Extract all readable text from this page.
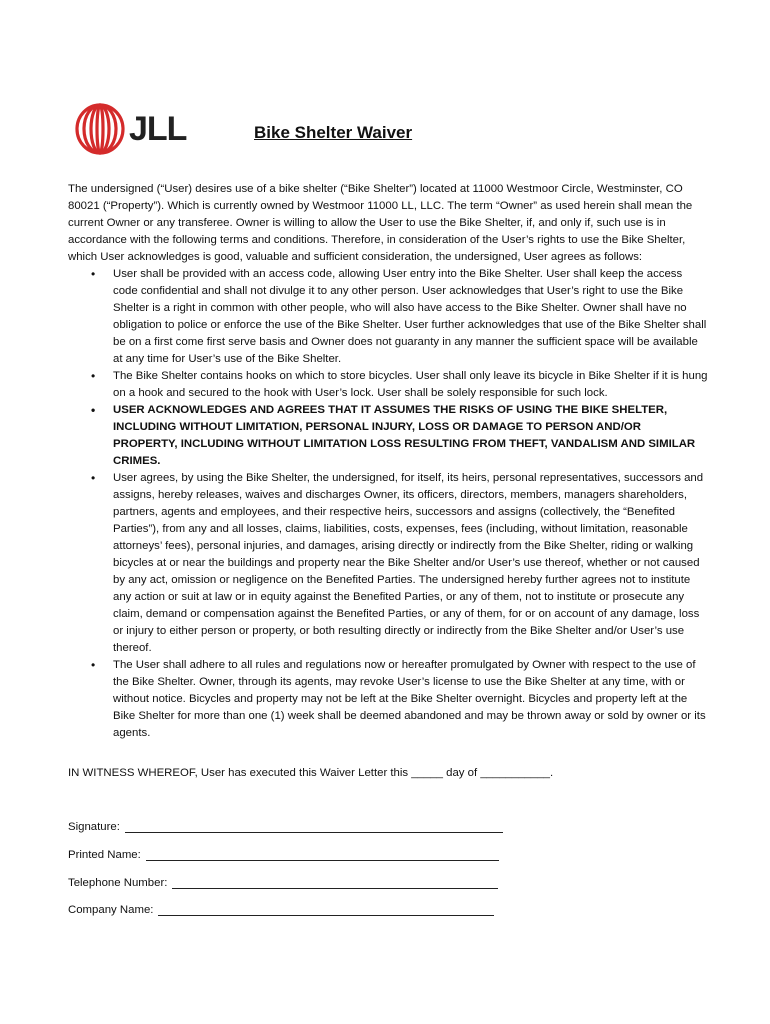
JLL	Bike Shelter Waiver

The undersigned (“User) desires use of a bike shelter (“Bike Shelter”) located at 11000 Westmoor Circle, Westminster, CO 80021 (“Property”). Which is currently owned by Westmoor 11000 LL, LLC. The term “Owner” as used herein shall mean the current Owner or any transferee. Owner is willing to allow the User to use the Bike Shelter, if, and only if, such use is in accordance with the following terms and conditions. Therefore, in consideration of the User’s rights to use the Bike Shelter, which User acknowledges is good, valuable and sufficient consideration, the undersigned, User agrees as follows:

• User shall be provided with an access code, allowing User entry into the Bike Shelter. User shall keep the access code confidential and shall not divulge it to any other person. User acknowledges that User’s right to use the Bike Shelter is a right in common with other people, who will also have access to the Bike Shelter. Owner shall have no obligation to police or enforce the use of the Bike Shelter. User further acknowledges that use of the Bike Shelter shall be on a first come first serve basis and Owner does not guaranty in any manner the sufficient space will be available at any time for User’s use of the Bike Shelter.
• The Bike Shelter contains hooks on which to store bicycles. User shall only leave its bicycle in Bike Shelter if it is hung on a hook and secured to the hook with User’s lock. User shall be solely responsible for such lock.
• USER ACKNOWLEDGES AND AGREES THAT IT ASSUMES THE RISKS OF USING THE BIKE SHELTER, INCLUDING WITHOUT LIMITATION, PERSONAL INJURY, LOSS OR DAMAGE TO PERSON AND/OR PROPERTY, INCLUDING WITHOUT LIMITATION LOSS RESULTING FROM THEFT, VANDALISM AND SIMILAR CRIMES.
• User agrees, by using the Bike Shelter, the undersigned, for itself, its heirs, personal representatives, successors and assigns, hereby releases, waives and discharges Owner, its officers, directors, members, managers shareholders, partners, agents and employees, and their respective heirs, successors and assigns (collectively, the “Benefited Parties”), from any and all losses, claims, liabilities, costs, expenses, fees (including, without limitation, reasonable attorneys’ fees), personal injuries, and damages, arising directly or indirectly from the Bike Shelter, riding or walking bicycles at or near the buildings and property near the Bike Shelter and/or User’s use thereof, whether or not caused by any act, omission or negligence on the Benefited Parties. The undersigned hereby further agrees not to institute any action or suit at law or in equity against the Benefited Parties, or any of them, not to institute or prosecute any claim, demand or compensation against the Benefited Parties, or any of them, for or on account of any damage, loss or injury to either person or property, or both resulting directly or indirectly from the Bike Shelter and/or User’s use thereof.
• The User shall adhere to all rules and regulations now or hereafter promulgated by Owner with respect to the use of the Bike Shelter. Owner, through its agents, may revoke User’s license to use the Bike Shelter at any time, with or without notice. Bicycles and property may not be left at the Bike Shelter overnight. Bicycles and property left at the Bike Shelter for more than one (1) week shall be deemed abandoned and may be thrown away or sold by owner or its agents.
IN WITNESS WHEREOF, User has executed this Waiver Letter this _____ day of ___________.
Signature:
Printed Name:
Telephone Number:
Company Name:
